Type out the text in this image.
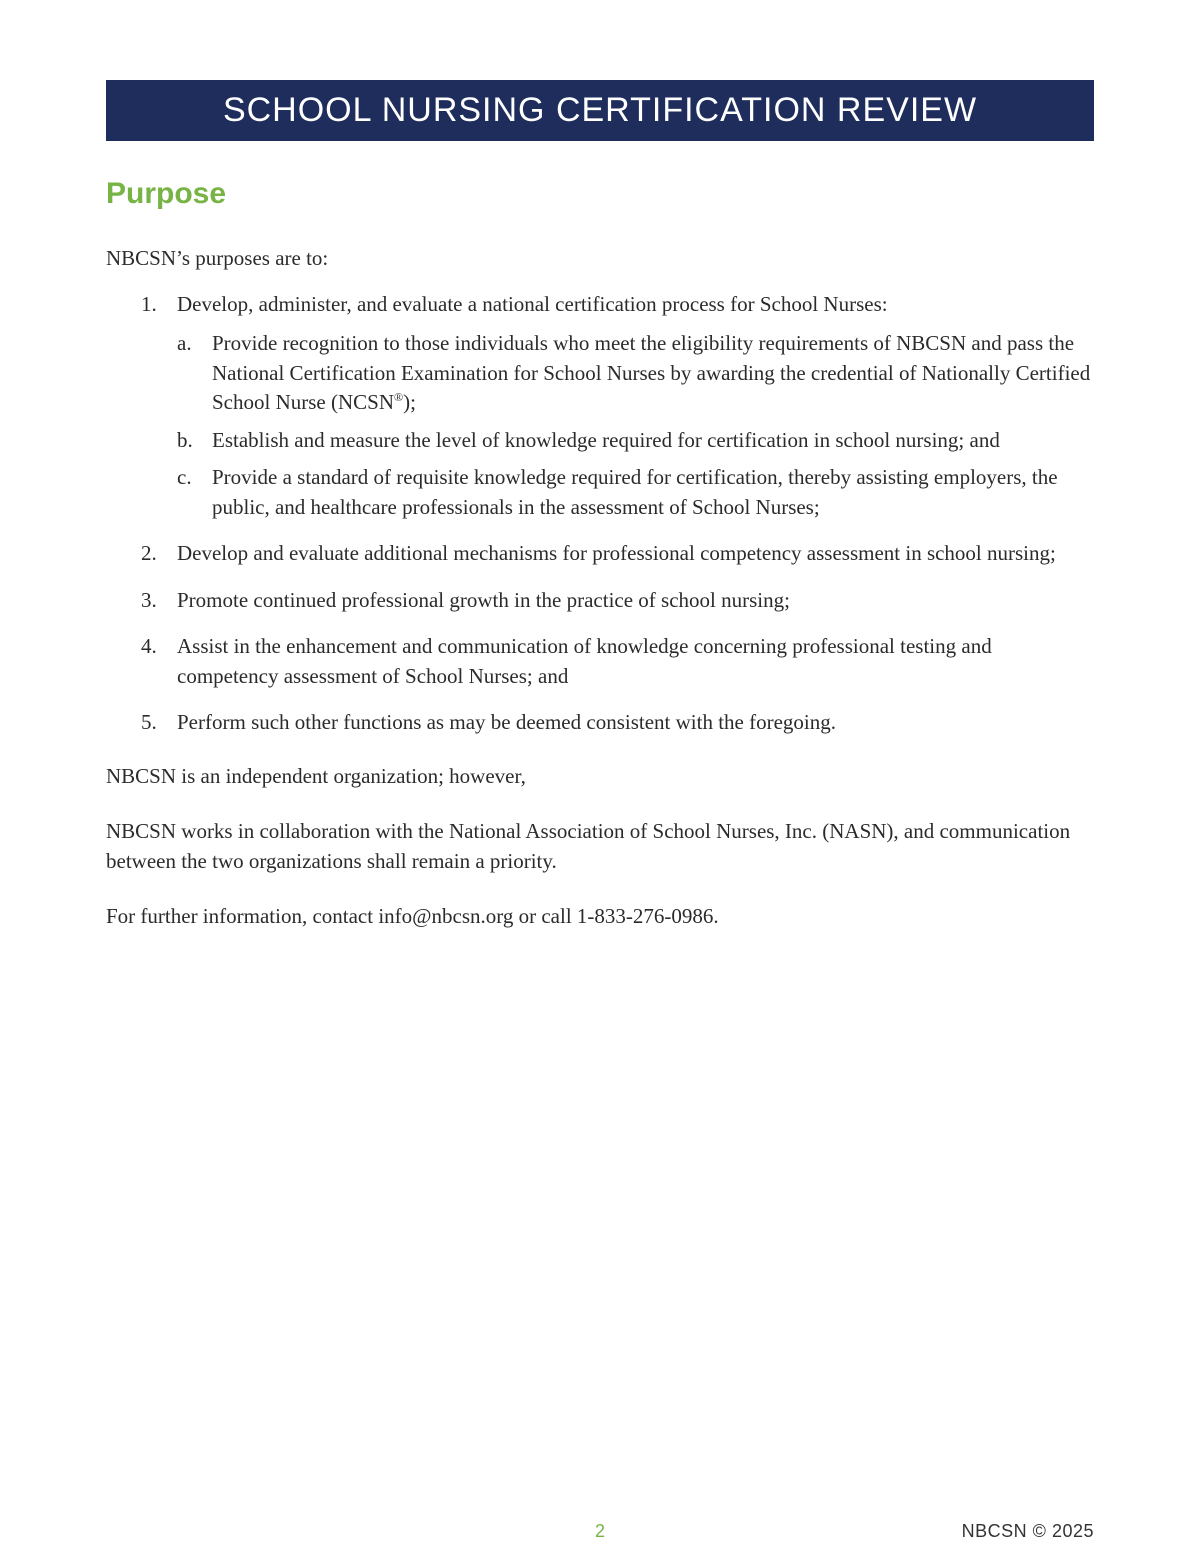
SCHOOL NURSING CERTIFICATION REVIEW
Purpose

NBCSN’s purposes are to:

1. Develop, administer, and evaluate a national certification process for School Nurses:

a. Provide recognition to those individuals who meet the eligibility requirements of NBCSN and pass the National Certification Examination for School Nurses by awarding the credential of Nationally Certified School Nurse (NCSN®);

b. Establish and measure the level of knowledge required for certification in school nursing; and

c. Provide a standard of requisite knowledge required for certification, thereby assisting employers, the public, and healthcare professionals in the assessment of School Nurses;

2. Develop and evaluate additional mechanisms for professional competency assessment in school nursing;

3. Promote continued professional growth in the practice of school nursing;

4. Assist in the enhancement and communication of knowledge concerning professional testing and competency assessment of School Nurses; and

5. Perform such other functions as may be deemed consistent with the foregoing.

NBCSN is an independent organization; however,

NBCSN works in collaboration with the National Association of School Nurses, Inc. (NASN), and communication between the two organizations shall remain a priority.

For further information, contact info@nbcsn.org or call 1-833-276-0986.

2	NBCSN © 2025
